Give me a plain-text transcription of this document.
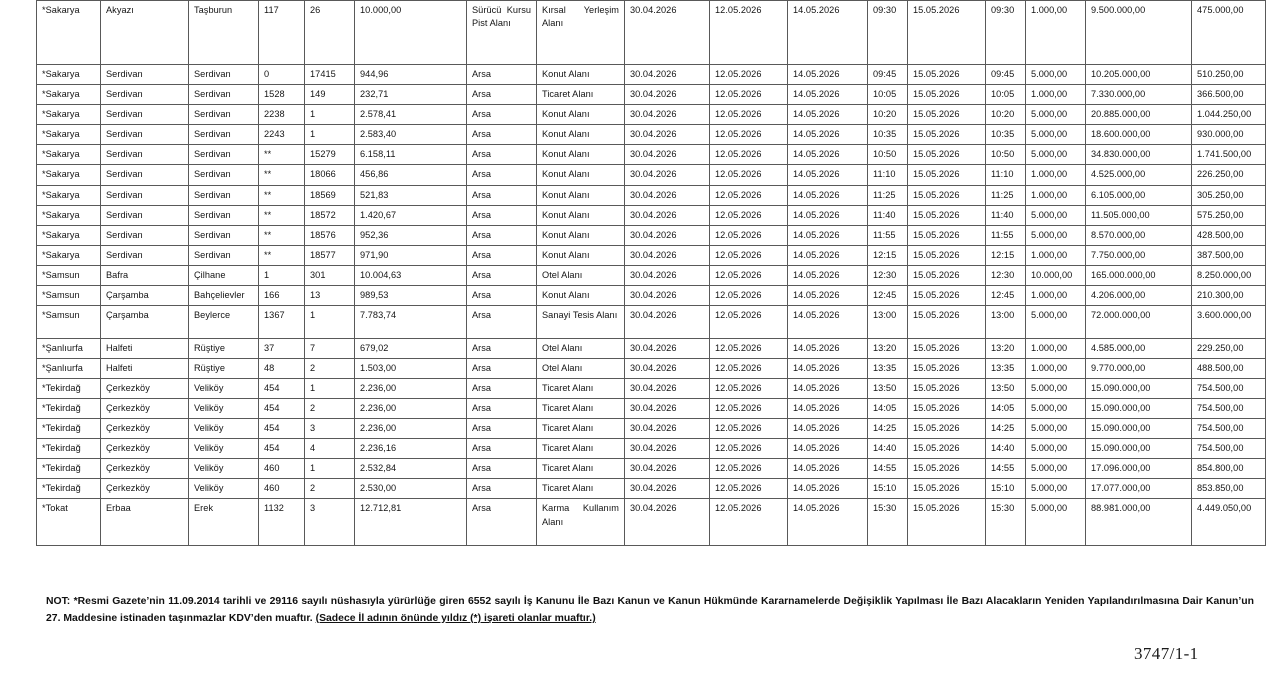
*Sakarya	Akyazı	Taşburun	117	26	10.000,00	Sürücü Kursu Pist Alanı	Kırsal Yerleşim Alanı	30.04.2026	12.05.2026	14.05.2026	09:30	15.05.2026	09:30	1.000,00	9.500.000,00	475.000,00
*Sakarya	Serdivan	Serdivan	0	17415	944,96	Arsa	Konut Alanı	30.04.2026	12.05.2026	14.05.2026	09:45	15.05.2026	09:45	5.000,00	10.205.000,00	510.250,00
*Sakarya	Serdivan	Serdivan	1528	149	232,71	Arsa	Ticaret Alanı	30.04.2026	12.05.2026	14.05.2026	10:05	15.05.2026	10:05	1.000,00	7.330.000,00	366.500,00
*Sakarya	Serdivan	Serdivan	2238	1	2.578,41	Arsa	Konut Alanı	30.04.2026	12.05.2026	14.05.2026	10:20	15.05.2026	10:20	5.000,00	20.885.000,00	1.044.250,00
*Sakarya	Serdivan	Serdivan	2243	1	2.583,40	Arsa	Konut Alanı	30.04.2026	12.05.2026	14.05.2026	10:35	15.05.2026	10:35	5.000,00	18.600.000,00	930.000,00
*Sakarya	Serdivan	Serdivan	**	15279	6.158,11	Arsa	Konut Alanı	30.04.2026	12.05.2026	14.05.2026	10:50	15.05.2026	10:50	5.000,00	34.830.000,00	1.741.500,00
*Sakarya	Serdivan	Serdivan	**	18066	456,86	Arsa	Konut Alanı	30.04.2026	12.05.2026	14.05.2026	11:10	15.05.2026	11:10	1.000,00	4.525.000,00	226.250,00
*Sakarya	Serdivan	Serdivan	**	18569	521,83	Arsa	Konut Alanı	30.04.2026	12.05.2026	14.05.2026	11:25	15.05.2026	11:25	1.000,00	6.105.000,00	305.250,00
*Sakarya	Serdivan	Serdivan	**	18572	1.420,67	Arsa	Konut Alanı	30.04.2026	12.05.2026	14.05.2026	11:40	15.05.2026	11:40	5.000,00	11.505.000,00	575.250,00
*Sakarya	Serdivan	Serdivan	**	18576	952,36	Arsa	Konut Alanı	30.04.2026	12.05.2026	14.05.2026	11:55	15.05.2026	11:55	5.000,00	8.570.000,00	428.500,00
*Sakarya	Serdivan	Serdivan	**	18577	971,90	Arsa	Konut Alanı	30.04.2026	12.05.2026	14.05.2026	12:15	15.05.2026	12:15	1.000,00	7.750.000,00	387.500,00
*Samsun	Bafra	Çilhane	1	301	10.004,63	Arsa	Otel Alanı	30.04.2026	12.05.2026	14.05.2026	12:30	15.05.2026	12:30	10.000,00	165.000.000,00	8.250.000,00
*Samsun	Çarşamba	Bahçelievler	166	13	989,53	Arsa	Konut Alanı	30.04.2026	12.05.2026	14.05.2026	12:45	15.05.2026	12:45	1.000,00	4.206.000,00	210.300,00
*Samsun	Çarşamba	Beylerce	1367	1	7.783,74	Arsa	Sanayi Tesis Alanı	30.04.2026	12.05.2026	14.05.2026	13:00	15.05.2026	13:00	5.000,00	72.000.000,00	3.600.000,00
*Şanlıurfa	Halfeti	Rüştiye	37	7	679,02	Arsa	Otel Alanı	30.04.2026	12.05.2026	14.05.2026	13:20	15.05.2026	13:20	1.000,00	4.585.000,00	229.250,00
*Şanlıurfa	Halfeti	Rüştiye	48	2	1.503,00	Arsa	Otel Alanı	30.04.2026	12.05.2026	14.05.2026	13:35	15.05.2026	13:35	1.000,00	9.770.000,00	488.500,00
*Tekirdağ	Çerkezköy	Veliköy	454	1	2.236,00	Arsa	Ticaret Alanı	30.04.2026	12.05.2026	14.05.2026	13:50	15.05.2026	13:50	5.000,00	15.090.000,00	754.500,00
*Tekirdağ	Çerkezköy	Veliköy	454	2	2.236,00	Arsa	Ticaret Alanı	30.04.2026	12.05.2026	14.05.2026	14:05	15.05.2026	14:05	5.000,00	15.090.000,00	754.500,00
*Tekirdağ	Çerkezköy	Veliköy	454	3	2.236,00	Arsa	Ticaret Alanı	30.04.2026	12.05.2026	14.05.2026	14:25	15.05.2026	14:25	5.000,00	15.090.000,00	754.500,00
*Tekirdağ	Çerkezköy	Veliköy	454	4	2.236,16	Arsa	Ticaret Alanı	30.04.2026	12.05.2026	14.05.2026	14:40	15.05.2026	14:40	5.000,00	15.090.000,00	754.500,00
*Tekirdağ	Çerkezköy	Veliköy	460	1	2.532,84	Arsa	Ticaret Alanı	30.04.2026	12.05.2026	14.05.2026	14:55	15.05.2026	14:55	5.000,00	17.096.000,00	854.800,00
*Tekirdağ	Çerkezköy	Veliköy	460	2	2.530,00	Arsa	Ticaret Alanı	30.04.2026	12.05.2026	14.05.2026	15:10	15.05.2026	15:10	5.000,00	17.077.000,00	853.850,00
*Tokat	Erbaa	Erek	1132	3	12.712,81	Arsa	Karma Kullanım Alanı	30.04.2026	12.05.2026	14.05.2026	15:30	15.05.2026	15:30	5.000,00	88.981.000,00	4.449.050,00
NOT: *Resmi Gazete’nin 11.09.2014 tarihli ve 29116 sayılı nüshasıyla yürürlüğe giren 6552 sayılı İş Kanunu İle Bazı Kanun ve Kanun Hükmünde Kararnamelerde Değişiklik Yapılması İle Bazı Alacakların Yeniden Yapılandırılmasına Dair Kanun’un 27. Maddesine istinaden taşınmazlar KDV’den muaftır. (Sadece İl adının önünde yıldız (*) işareti olanlar muaftır.)
3747/1-1
